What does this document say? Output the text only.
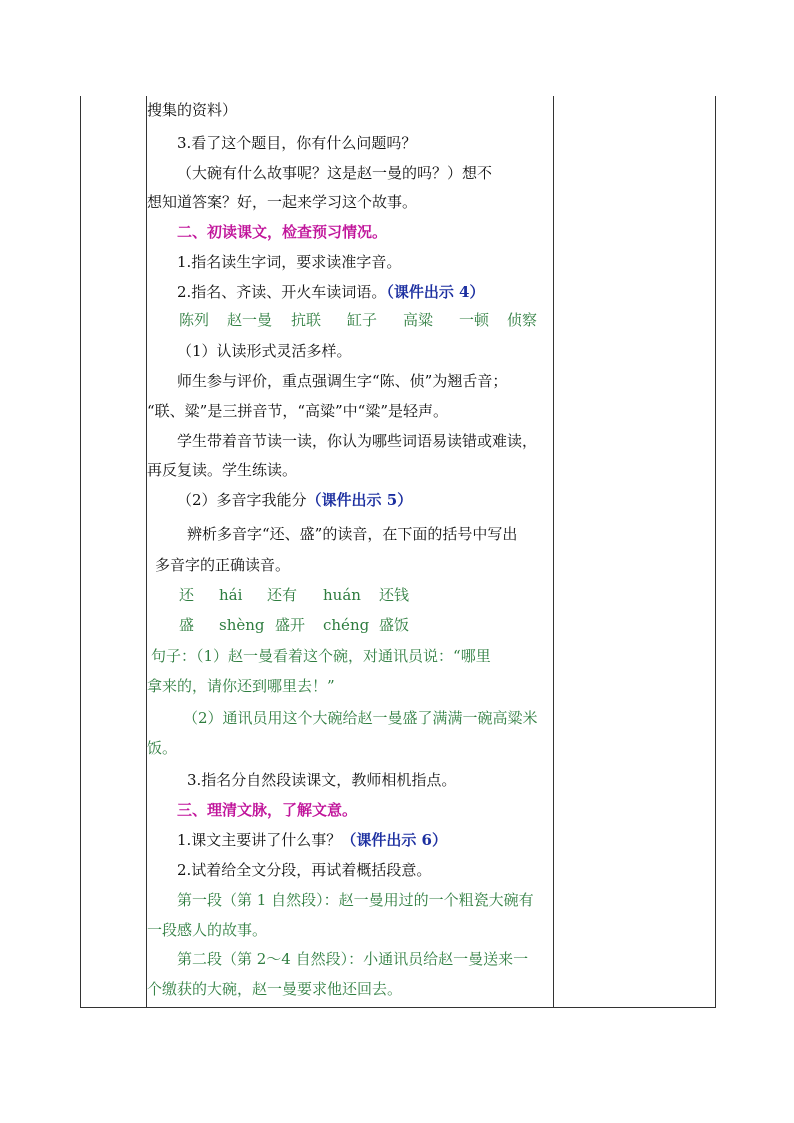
搜集的资料）
3.看了这个题目，你有什么问题吗？
（大碗有什么故事呢？这是赵一曼的吗？）想不
想知道答案？好，一起来学习这个故事。
二、初读课文，检查预习情况。
1.指名读生字词，要求读准字音。
2.指名、齐读、开火车读词语。（课件出示 4）
陈列 赵一曼 抗联 缸子 高粱 一顿 侦察
（1）认读形式灵活多样。
师生参与评价，重点强调生字“陈、侦”为翘舌音；
“联、粱”是三拼音节，“高粱”中“粱”是轻声。
学生带着音节读一读，你认为哪些词语易读错或难读，
再反复读。学生练读。
（2）多音字我能分（课件出示 5）
辨析多音字“还、盛”的读音，在下面的括号中写出
多音字的正确读音。
还 hái 还有 huán 还钱
盛 shèng 盛开 chéng 盛饭
句子：（1）赵一曼看着这个碗，对通讯员说：“哪里
拿来的，请你还到哪里去！”
（2）通讯员用这个大碗给赵一曼盛了满满一碗高粱米
饭。
3.指名分自然段读课文，教师相机指点。
三、理清文脉，了解文意。
1.课文主要讲了什么事？（课件出示 6）
2.试着给全文分段，再试着概括段意。
第一段（第 1 自然段）：赵一曼用过的一个粗瓷大碗有
一段感人的故事。
第二段（第 2～4 自然段）：小通讯员给赵一曼送来一
个缴获的大碗，赵一曼要求他还回去。
